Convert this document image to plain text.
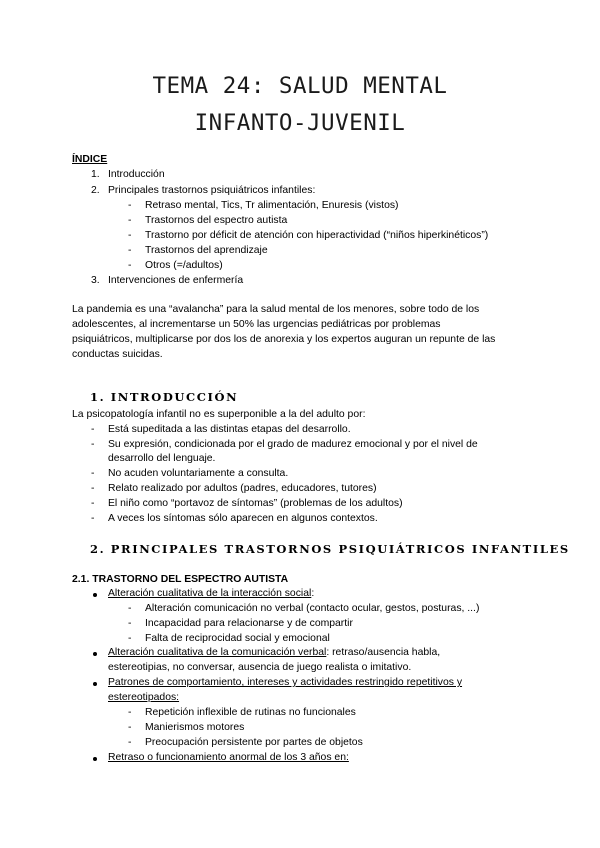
TEMA 24: SALUD MENTAL
INFANTO-JUVENIL
ÍNDICE
1. Introducción
2. Principales trastornos psiquiátricos infantiles:
- Retraso mental, Tics, Tr alimentación, Enuresis (vistos)
- Trastornos del espectro autista
- Trastorno por déficit de atención con hiperactividad (“niños hiperkinéticos”)
- Trastornos del aprendizaje
- Otros (=/adultos)
3. Intervenciones de enfermería
La pandemia es una “avalancha” para la salud mental de los menores, sobre todo de los
adolescentes, al incrementarse un 50% las urgencias pediátricas por problemas
psiquiátricos, multiplicarse por dos los de anorexia y los expertos auguran un repunte de las
conductas suicidas.
1. INTRODUCCIÓN
La psicopatología infantil no es superponible a la del adulto por:
- Está supeditada a las distintas etapas del desarrollo.
- Su expresión, condicionada por el grado de madurez emocional y por el nivel de
desarrollo del lenguaje.
- No acuden voluntariamente a consulta.
- Relato realizado por adultos (padres, educadores, tutores)
- El niño como “portavoz de síntomas” (problemas de los adultos)
- A veces los síntomas sólo aparecen en algunos contextos.
2. PRINCIPALES TRASTORNOS PSIQUIÁTRICOS INFANTILES
2.1. TRASTORNO DEL ESPECTRO AUTISTA
Alteración cualitativa de la interacción social:
- Alteración comunicación no verbal (contacto ocular, gestos, posturas, ...)
- Incapacidad para relacionarse y de compartir
- Falta de reciprocidad social y emocional
Alteración cualitativa de la comunicación verbal: retraso/ausencia habla,
estereotipias, no conversar, ausencia de juego realista o imitativo.
Patrones de comportamiento, intereses y actividades restringido repetitivos y
estereotipados:
- Repetición inflexible de rutinas no funcionales
- Manierismos motores
- Preocupación persistente por partes de objetos
Retraso o funcionamiento anormal de los 3 años en:
